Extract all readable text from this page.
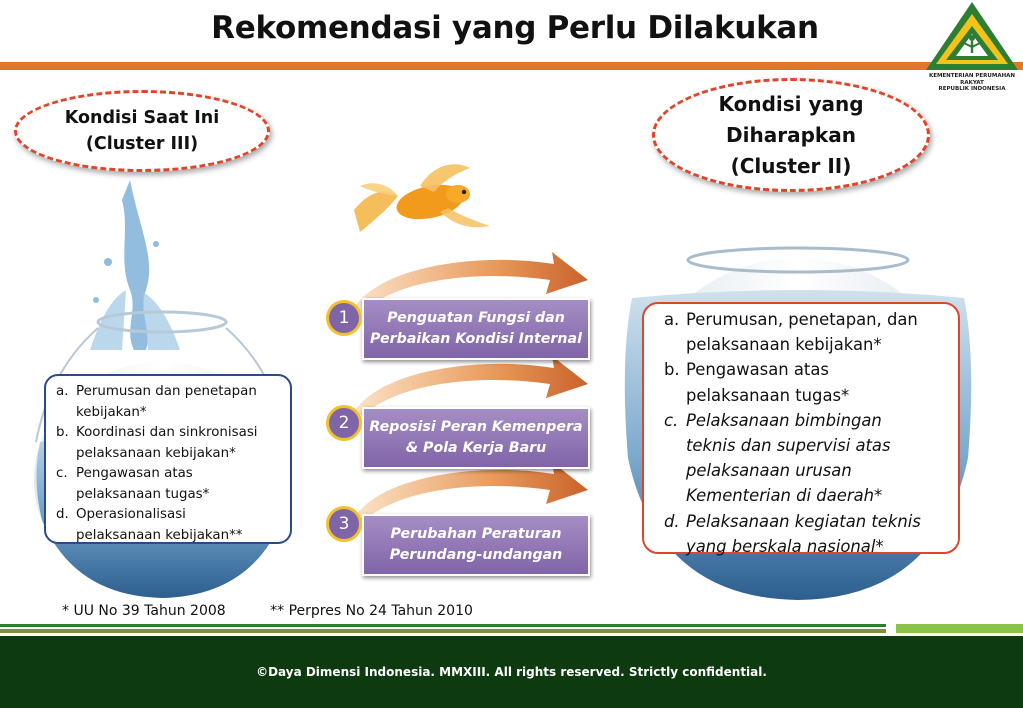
Rekomendasi yang Perlu Dilakukan
KEMENTERIAN PERUMAHAN RAKYAT
REPUBLIK INDONESIA
Kondisi Saat Ini
(Cluster III)
Kondisi yang
Diharapkan
(Cluster II)
a. Perumusan dan penetapan
kebijakan*
b. Koordinasi dan sinkronisasi
pelaksanaan kebijakan*
c. Pengawasan atas
pelaksanaan tugas*
d. Operasionalisasi
pelaksanaan kebijakan**
a. Perumusan, penetapan, dan
pelaksanaan kebijakan*
b. Pengawasan atas
pelaksanaan tugas*
c. Pelaksanaan bimbingan
teknis dan supervisi atas
pelaksanaan urusan
Kementerian di daerah*
d. Pelaksanaan kegiatan teknis
yang berskala nasional*
Penguatan Fungsi dan
Perbaikan Kondisi Internal
1
Reposisi Peran Kemenpera
& Pola Kerja Baru
2
Perubahan Peraturan
Perundang-undangan
3
* UU No 39 Tahun 2008          ** Perpres No 24 Tahun 2010
©Daya Dimensi Indonesia. MMXIII. All rights reserved. Strictly confidential.
